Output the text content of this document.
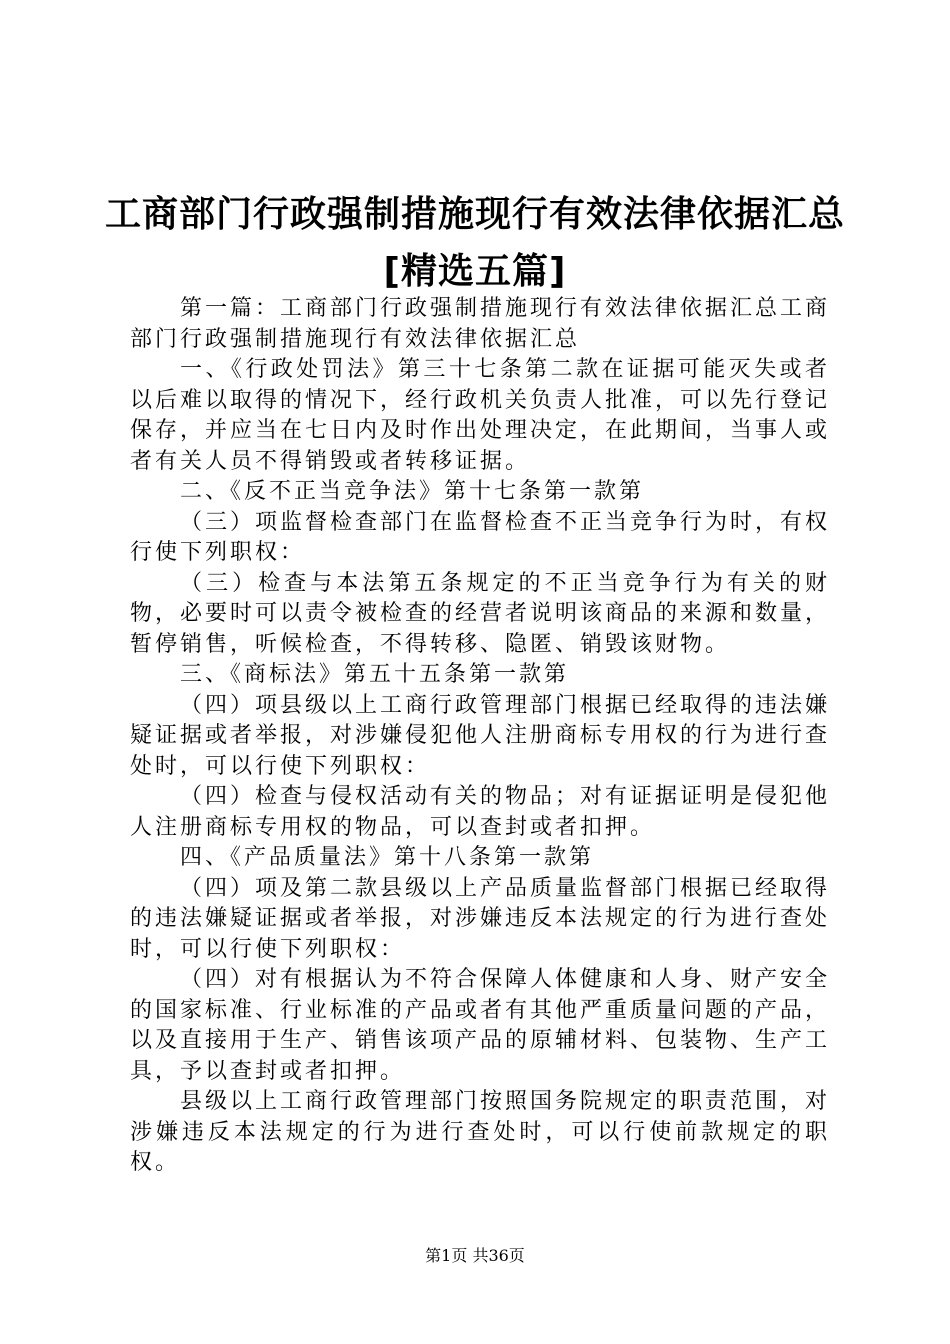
工商部门行政强制措施现行有效法律依据汇总
[精选五篇]

第一篇：工商部门行政强制措施现行有效法律依据汇总工商部门行政强制措施现行有效法律依据汇总

一、《行政处罚法》第三十七条第二款在证据可能灭失或者以后难以取得的情况下，经行政机关负责人批准，可以先行登记保存，并应当在七日内及时作出处理决定，在此期间，当事人或者有关人员不得销毁或者转移证据。

二、《反不正当竞争法》第十七条第一款第

（三）项监督检查部门在监督检查不正当竞争行为时，有权行使下列职权：

（三）检查与本法第五条规定的不正当竞争行为有关的财物，必要时可以责令被检查的经营者说明该商品的来源和数量，暂停销售，听候检查，不得转移、隐匿、销毁该财物。

三、《商标法》第五十五条第一款第

（四）项县级以上工商行政管理部门根据已经取得的违法嫌疑证据或者举报，对涉嫌侵犯他人注册商标专用权的行为进行查处时，可以行使下列职权：

（四）检查与侵权活动有关的物品；对有证据证明是侵犯他人注册商标专用权的物品，可以查封或者扣押。

四、《产品质量法》第十八条第一款第

（四）项及第二款县级以上产品质量监督部门根据已经取得的违法嫌疑证据或者举报，对涉嫌违反本法规定的行为进行查处时，可以行使下列职权：

（四）对有根据认为不符合保障人体健康和人身、财产安全的国家标准、行业标准的产品或者有其他严重质量问题的产品，以及直接用于生产、销售该项产品的原辅材料、包装物、生产工具，予以查封或者扣押。

县级以上工商行政管理部门按照国务院规定的职责范围，对涉嫌违反本法规定的行为进行查处时，可以行使前款规定的职权。

第1页 共36页
